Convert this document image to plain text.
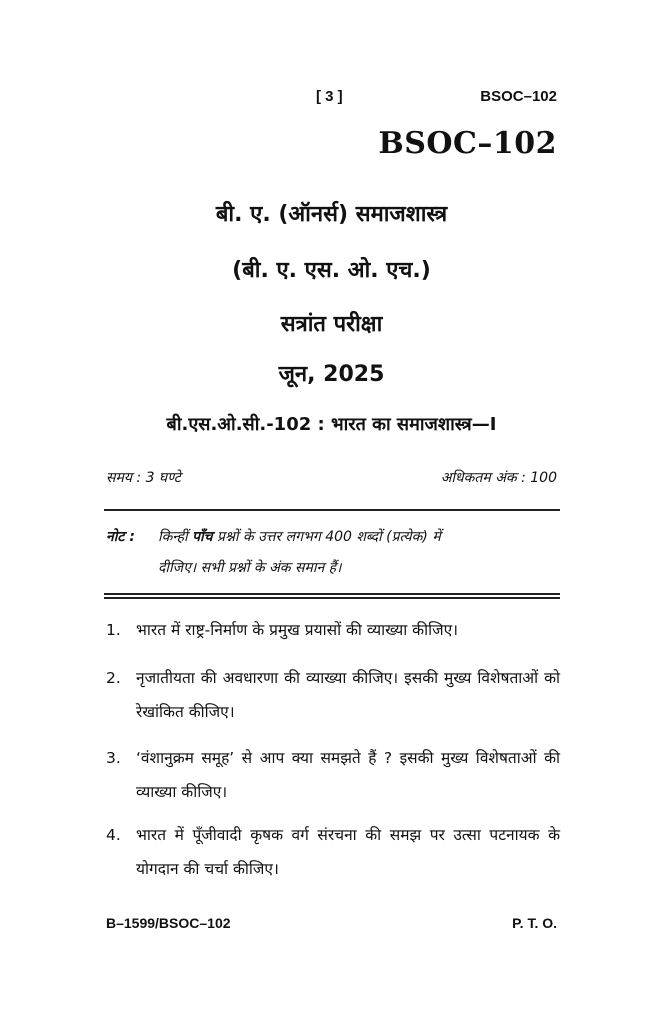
[ 3 ]	BSOC–102
BSOC–102
बी. ए. (ऑनर्स) समाजशास्त्र
(बी. ए. एस. ओ. एच.)
सत्रांत परीक्षा
जून, 2025
बी.एस.ओ.सी.-102 : भारत का समाजशास्त्र—I
समय : 3 घण्टे	अधिकतम अंक : 100
नोट : किन्हीं पाँच प्रश्नों के उत्तर लगभग 400 शब्दों (प्रत्येक) में
दीजिए। सभी प्रश्नों के अंक समान हैं।
1. भारत में राष्ट्र-निर्माण के प्रमुख प्रयासों की व्याख्या कीजिए।
2. नृजातीयता की अवधारणा की व्याख्या कीजिए। इसकी मुख्य विशेषताओं को रेखांकित कीजिए।
3. ‘वंशानुक्रम समूह’ से आप क्या समझते हैं ? इसकी मुख्य विशेषताओं की व्याख्या कीजिए।
4. भारत में पूँजीवादी कृषक वर्ग संरचना की समझ पर उत्सा पटनायक के योगदान की चर्चा कीजिए।
B–1599/BSOC–102	P. T. O.
